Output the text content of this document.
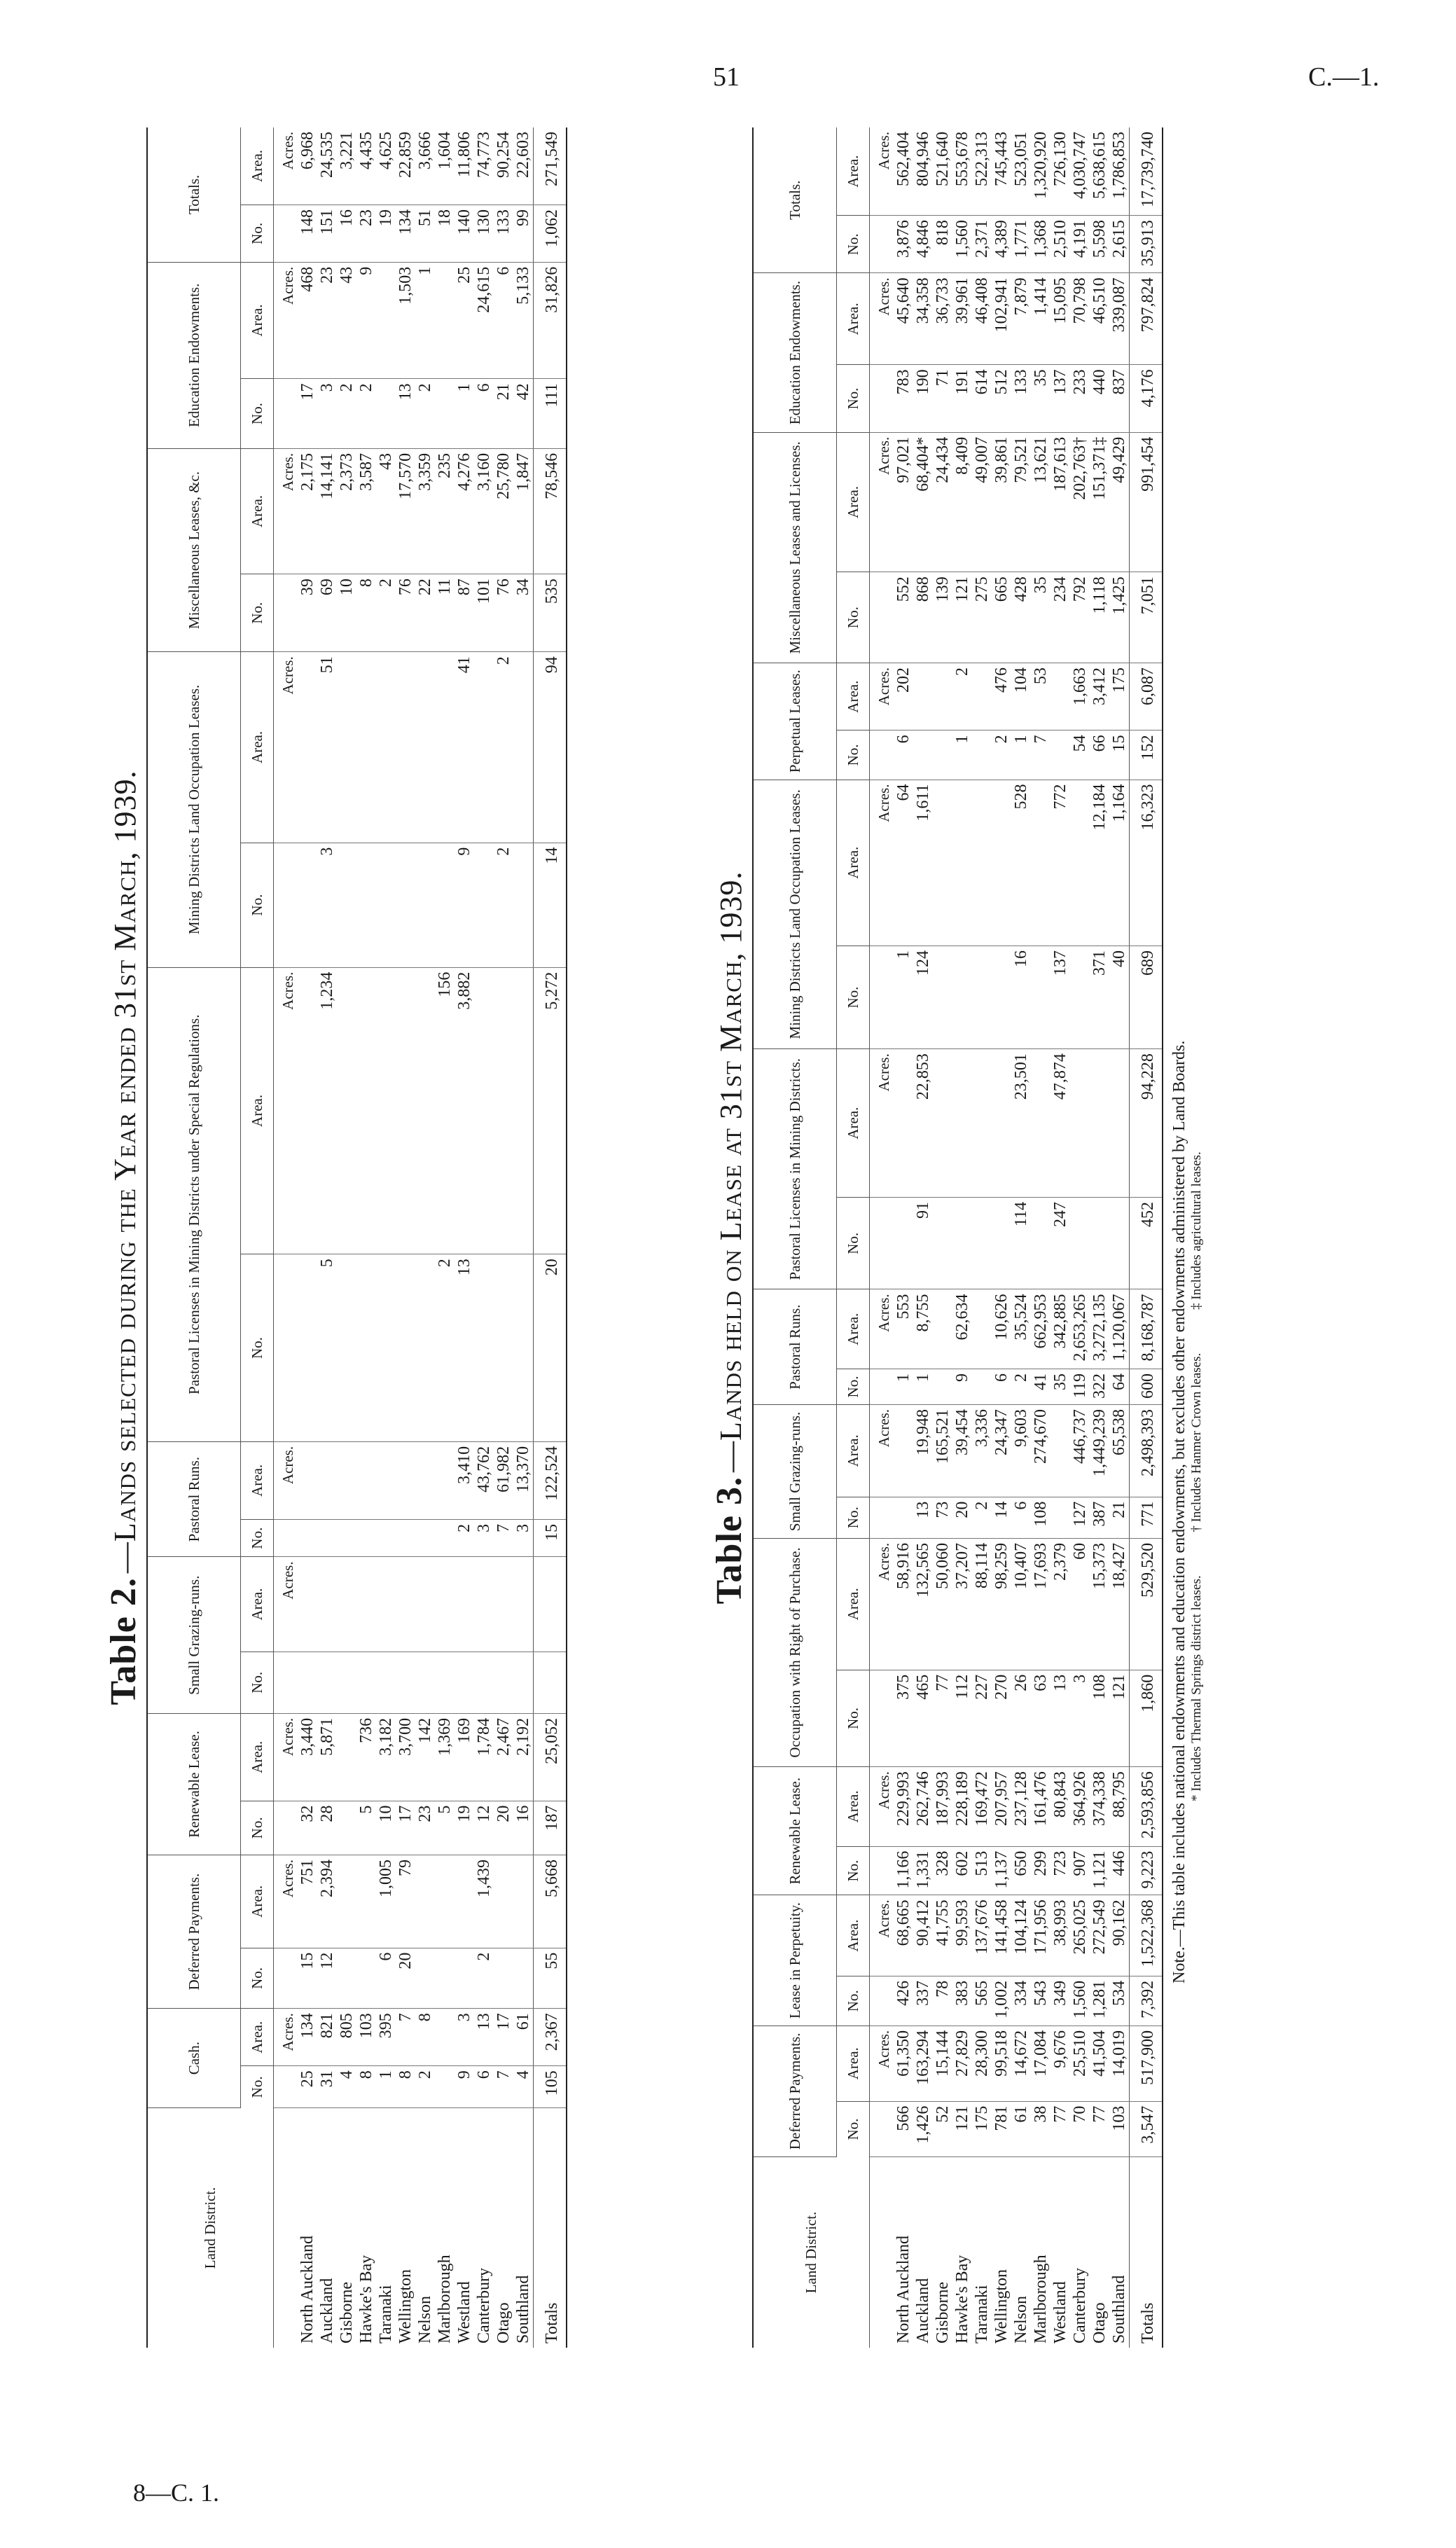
51	C.—1.
8—C. 1.
Table 2.—Lands selected during the Year ended 31st March, 1939.
Land District.	Cash.		Deferred Payments.		Renewable Lease.		Small Grazing-runs.		Pastoral Runs.		Pastoral Licenses in Mining Districts under Special Regulations.		Mining Districts Land Occupation Leases.		Miscellaneous Leases, &c.		Education Endowments.		Totals.	
	No.	Area.	No.	Area.	No.	Area.	No.	Area.	No.	Area.	No.	Area.	No.	Area.	No.	Area.	No.	Area.	No.	Area.
		Acres.		Acres.		Acres.		Acres.		Acres.		Acres.		Acres.		Acres.		Acres.		Acres.
North Auckland	25	134	15	751	32	3,440									39	2,175	17	468	148	6,968
Auckland	31	821	12	2,394	28	5,871					5	1,234	3	51	69	14,141	3	23	151	24,535
Gisborne	4	805													10	2,373	2	43	16	3,221
Hawke's Bay	8	103			5	736									8	3,587	2	9	23	4,435
Taranaki	1	395	6	1,005	10	3,182									2	43			19	4,625
Wellington	8	7	20	79	17	3,700									76	17,570	13	1,503	134	22,859
Nelson	2	8			23	142									22	3,359	2	1	51	3,666
Marlborough					5	1,369					2	156			11	235			18	1,604
Westland	9	3			19	169			2	3,410	13	3,882	9	41	87	4,276	1	25	140	11,806
Canterbury	6	13	2	1,439	12	1,784			3	43,762					101	3,160	6	24,615	130	74,773
Otago	7	17			20	2,467			7	61,982			2	2	76	25,780	21	6	133	90,254
Southland	4	61			16	2,192			3	13,370					34	1,847	42	5,133	99	22,603
Totals	105	2,367	55	5,668	187	25,052			15	122,524	20	5,272	14	94	535	78,546	111	31,826	1,062	271,549
Table 3.—Lands held on Lease at 31st March, 1939.
Land District.	Deferred Payments.		Lease in Perpetuity.		Renewable Lease.		Occupation with Right of Purchase.		Small Grazing-runs.		Pastoral Runs.		Pastoral Licenses in Mining Districts.		Mining Districts Land Occupation Leases.		Perpetual Leases.		Miscellaneous Leases and Licenses.		Education Endowments.		Totals.	
	No.	Area.	No.	Area.	No.	Area.	No.	Area.	No.	Area.	No.	Area.	No.	Area.	No.	Area.	No.	Area.	No.	Area.	No.	Area.	No.	Area.
		Acres.		Acres.		Acres.		Acres.		Acres.		Acres.		Acres.		Acres.		Acres.		Acres.		Acres.		Acres.
North Auckland	566	61,350	426	68,665	1,166	229,993	375	58,916			1	553			1	64	6	202	552	97,021	783	45,640	3,876	562,404
Auckland	1,426	163,294	337	90,412	1,331	262,746	465	132,565	13	19,948	1	8,755	91	22,853	124	1,611			868	68,404*	190	34,358	4,846	804,946
Gisborne	52	15,144	78	41,755	328	187,993	77	50,060	73	165,521									139	24,434	71	36,733	818	521,640
Hawke's Bay	121	27,829	383	99,593	602	228,189	112	37,207	20	39,454	9	62,634					1	2	121	8,409	191	39,961	1,560	553,678
Taranaki	175	28,300	565	137,676	513	169,472	227	88,114	2	3,336									275	49,007	614	46,408	2,371	522,313
Wellington	781	99,518	1,002	141,458	1,137	207,957	270	98,259	14	24,347	6	10,626					2	476	665	39,861	512	102,941	4,389	745,443
Nelson	61	14,672	334	104,124	650	237,128	26	10,407	6	9,603	2	35,524	114	23,501	16	528	1	104	428	79,521	133	7,879	1,771	523,051
Marlborough	38	17,084	543	171,956	299	161,476	63	17,693	108	274,670	41	662,953					7	53	35	13,621	35	1,414	1,368	1,320,920
Westland	77	9,676	349	38,993	723	80,843	13	2,379			35	342,885	247	47,874	137	772			234	187,613	137	15,095	2,510	726,130
Canterbury	70	25,510	1,560	265,025	907	364,926	3	60	127	446,737	119	2,653,265					54	1,663	792	202,763†	233	70,798	4,191	4,030,747
Otago	77	41,504	1,281	272,549	1,121	374,338	108	15,373	387	1,449,239	322	3,272,135			371	12,184	66	3,412	1,118	151,371‡	440	46,510	5,598	5,638,615
Southland	103	14,019	534	90,162	446	88,795	121	18,427	21	65,538	64	1,120,067			40	1,164	15	175	1,425	49,429	837	339,087	2,615	1,786,853
Totals	3,547	517,900	7,392	1,522,368	9,223	2,593,856	1,860	529,520	771	2,498,393	600	8,168,787	452	94,228	689	16,323	152	6,087	7,051	991,454	4,176	797,824	35,913	17,739,740
Note.—This table includes national endowments and education endowments, but excludes other endowments administered by Land Boards. * Includes Thermal Springs district leases.             † Includes Hanmer Crown leases.             ‡ Includes agricultural leases.
